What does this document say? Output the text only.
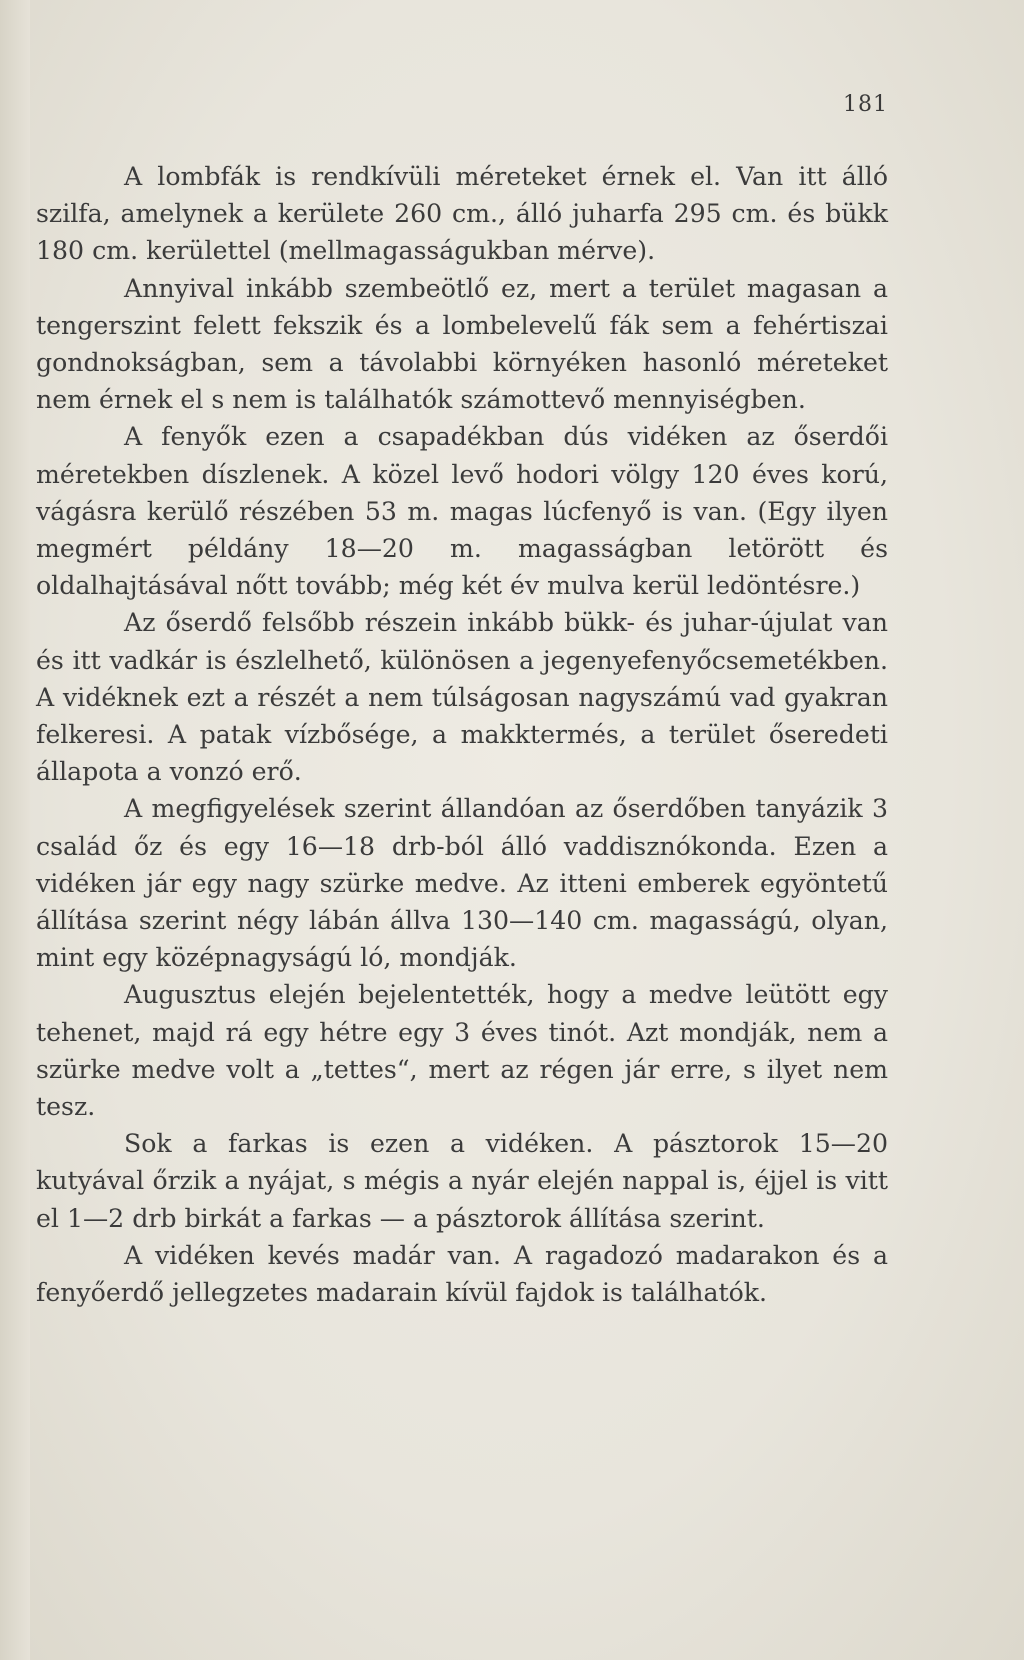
181

A lombfák is rendkívüli méreteket érnek el. Van itt álló szilfa, amelynek a kerülete 260 cm., álló juharfa 295 cm. és bükk 180 cm. kerülettel (mellmagasságukban mérve).

Annyival inkább szembeötlő ez, mert a terület magasan a tengerszint felett fekszik és a lombelevelű fák sem a fehértiszai gondnokságban, sem a távolabbi környéken hasonló méreteket nem érnek el s nem is találhatók számottevő mennyiségben.

A fenyők ezen a csapadékban dús vidéken az őserdői méretekben díszlenek. A közel levő hodori völgy 120 éves korú, vágásra kerülő részében 53 m. magas lúcfenyő is van. (Egy ilyen megmért példány 18—20 m. magasságban letörött és oldalhajtásával nőtt tovább; még két év mulva kerül ledöntésre.)

Az őserdő felsőbb részein inkább bükk- és juhar-újulat van és itt vadkár is észlelhető, különösen a jegenyefenyőcsemetékben. A vidéknek ezt a részét a nem túlságosan nagyszámú vad gyakran felkeresi. A patak vízbősége, a makktermés, a terület őseredeti állapota a vonzó erő.

A megfigyelések szerint állandóan az őserdőben tanyázik 3 család őz és egy 16—18 drb-ból álló vaddisznókonda. Ezen a vidéken jár egy nagy szürke medve. Az itteni emberek egyöntetű állítása szerint négy lábán állva 130—140 cm. magasságú, olyan, mint egy középnagyságú ló, mondják.

Augusztus elején bejelentették, hogy a medve leütött egy tehenet, majd rá egy hétre egy 3 éves tinót. Azt mondják, nem a szürke medve volt a „tettes“, mert az régen jár erre, s ilyet nem tesz.

Sok a farkas is ezen a vidéken. A pásztorok 15—20 kutyával őrzik a nyájat, s mégis a nyár elején nappal is, éjjel is vitt el 1—2 drb birkát a farkas — a pásztorok állítása szerint.

A vidéken kevés madár van. A ragadozó madarakon és a fenyőerdő jellegzetes madarain kívül fajdok is találhatók.
